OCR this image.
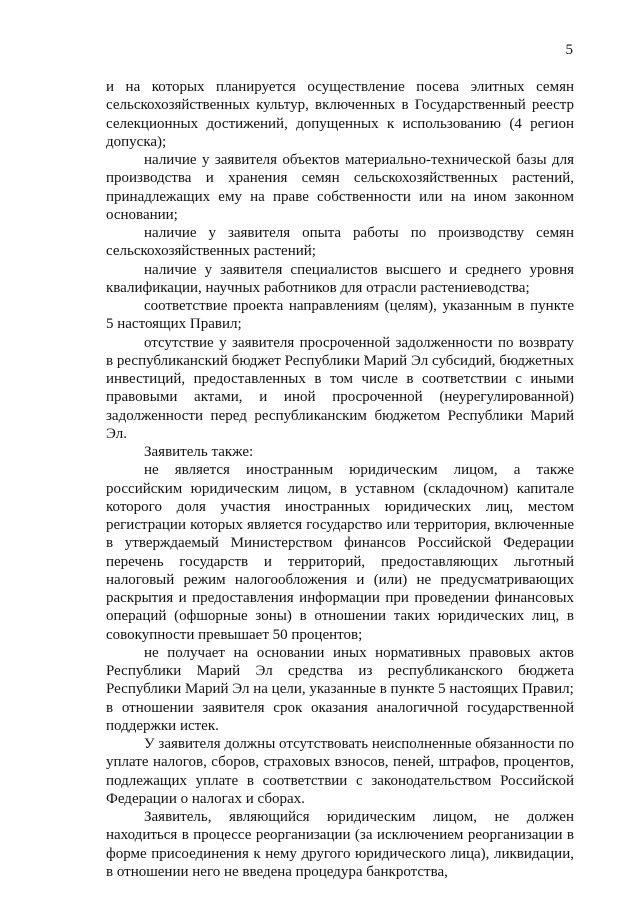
5

и на которых планируется осуществление посева элитных семян сельскохозяйственных культур, включенных в Государственный реестр селекционных достижений, допущенных к использованию (4 регион допуска);

наличие у заявителя объектов материально-технической базы для производства и хранения семян сельскохозяйственных растений, принадлежащих ему на праве собственности или на ином законном основании;

наличие у заявителя опыта работы по производству семян сельскохозяйственных растений;

наличие у заявителя специалистов высшего и среднего уровня квалификации, научных работников для отрасли растениеводства;

соответствие проекта направлениям (целям), указанным в пункте 5 настоящих Правил;

отсутствие у заявителя просроченной задолженности по возврату в республиканский бюджет Республики Марий Эл субсидий, бюджетных инвестиций, предоставленных в том числе в соответствии с иными правовыми актами, и иной просроченной (неурегулированной) задолженности перед республиканским бюджетом Республики Марий Эл.

Заявитель также:

не является иностранным юридическим лицом, а также российским юридическим лицом, в уставном (складочном) капитале которого доля участия иностранных юридических лиц, местом регистрации которых является государство или территория, включенные в утверждаемый Министерством финансов Российской Федерации перечень государств и территорий, предоставляющих льготный налоговый режим налогообложения и (или) не предусматривающих раскрытия и предоставления информации при проведении финансовых операций (офшорные зоны) в отношении таких юридических лиц, в совокупности превышает 50 процентов;

не получает на основании иных нормативных правовых актов Республики Марий Эл средства из республиканского бюджета Республики Марий Эл на цели, указанные в пункте 5 настоящих Правил;

в отношении заявителя срок оказания аналогичной государственной поддержки истек.

У заявителя должны отсутствовать неисполненные обязанности по уплате налогов, сборов, страховых взносов, пеней, штрафов, процентов, подлежащих уплате в соответствии с законодательством Российской Федерации о налогах и сборах.

Заявитель, являющийся юридическим лицом, не должен находиться в процессе реорганизации (за исключением реорганизации в форме присоединения к нему другого юридического лица), ликвидации, в отношении него не введена процедура банкротства,
